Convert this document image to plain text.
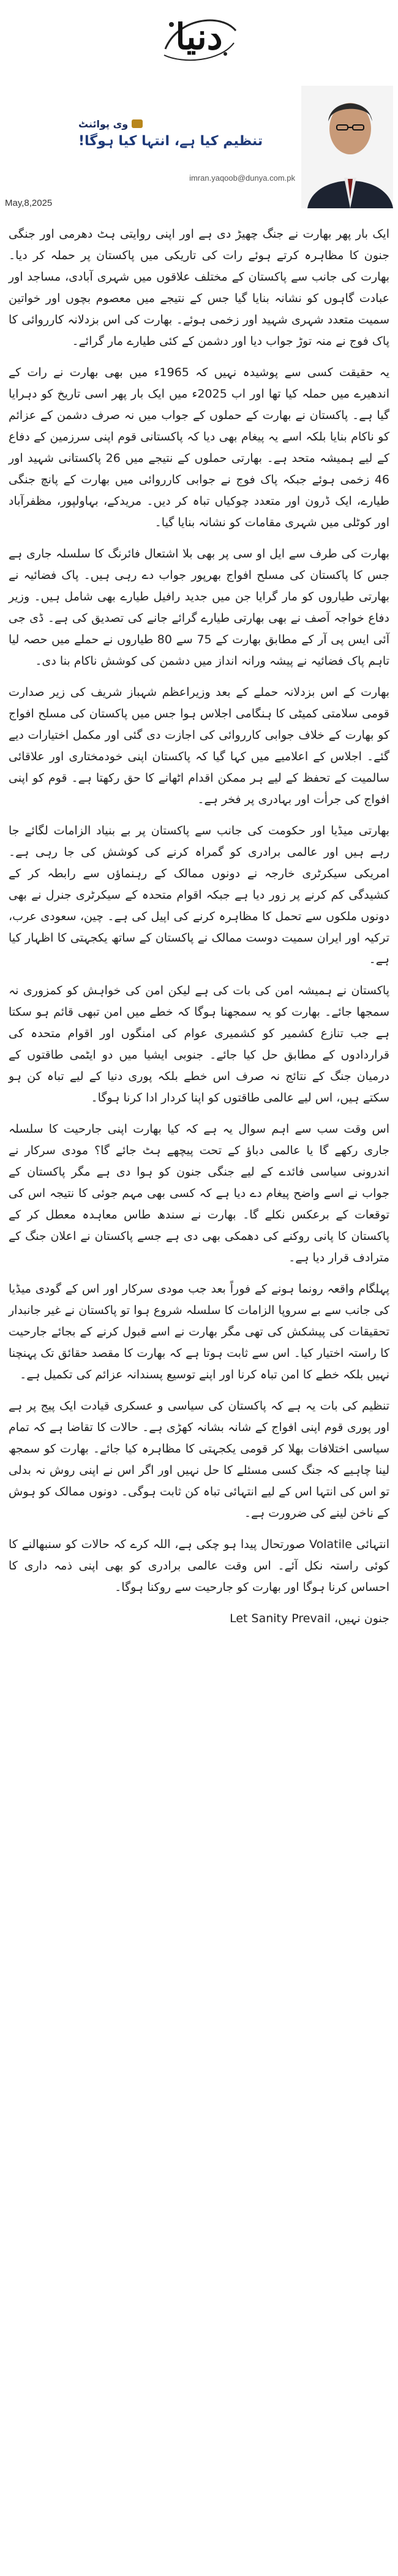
دنیا
May,8,2025
وی پوائنٹ
تنظیم کیا ہے، انتہا کیا ہوگا!
imran.yaqoob@dunya.com.pk

ایک بار پھر بھارت نے جنگ چھیڑ دی ہے اور اپنی روایتی ہٹ دھرمی اور جنگی جنون کا مظاہرہ کرتے ہوئے رات کی تاریکی میں پاکستان پر حملہ کر دیا۔ بھارت کی جانب سے پاکستان کے مختلف علاقوں میں شہری آبادی، مساجد اور عبادت گاہوں کو نشانہ بنایا گیا جس کے نتیجے میں معصوم بچوں اور خواتین سمیت متعدد شہری شہید اور زخمی ہوئے۔ بھارت کی اس بزدلانہ کارروائی کا پاک فوج نے منہ توڑ جواب دیا اور دشمن کے کئی طیارے مار گرائے۔

یہ حقیقت کسی سے پوشیدہ نہیں کہ 1965ء میں بھی بھارت نے رات کے اندھیرے میں حملہ کیا تھا اور اب 2025ء میں ایک بار پھر اسی تاریخ کو دہرایا گیا ہے۔ پاکستان نے بھارت کے حملوں کے جواب میں نہ صرف دشمن کے عزائم کو ناکام بنایا بلکہ اسے یہ پیغام بھی دیا کہ پاکستانی قوم اپنی سرزمین کے دفاع کے لیے ہمیشہ متحد ہے۔ بھارتی حملوں کے نتیجے میں 26 پاکستانی شہید اور 46 زخمی ہوئے جبکہ پاک فوج نے جوابی کارروائی میں بھارت کے پانچ جنگی طیارے، ایک ڈرون اور متعدد چوکیاں تباہ کر دیں۔ مریدکے، بہاولپور، مظفرآباد اور کوٹلی میں شہری مقامات کو نشانہ بنایا گیا۔

بھارت کی طرف سے ایل او سی پر بھی بلا اشتعال فائرنگ کا سلسلہ جاری ہے جس کا پاکستان کی مسلح افواج بھرپور جواب دے رہی ہیں۔ پاک فضائیہ نے بھارتی طیاروں کو مار گرایا جن میں جدید رافیل طیارے بھی شامل ہیں۔ وزیر دفاع خواجہ آصف نے بھی بھارتی طیارے گرائے جانے کی تصدیق کی ہے۔ ڈی جی آئی ایس پی آر کے مطابق بھارت کے 75 سے 80 طیاروں نے حملے میں حصہ لیا تاہم پاک فضائیہ نے پیشہ ورانہ انداز میں دشمن کی کوشش ناکام بنا دی۔

بھارت کے اس بزدلانہ حملے کے بعد وزیراعظم شہباز شریف کی زیر صدارت قومی سلامتی کمیٹی کا ہنگامی اجلاس ہوا جس میں پاکستان کی مسلح افواج کو بھارت کے خلاف جوابی کارروائی کی اجازت دی گئی اور مکمل اختیارات دیے گئے۔ اجلاس کے اعلامیے میں کہا گیا کہ پاکستان اپنی خودمختاری اور علاقائی سالمیت کے تحفظ کے لیے ہر ممکن اقدام اٹھانے کا حق رکھتا ہے۔ قوم کو اپنی افواج کی جرأت اور بہادری پر فخر ہے۔

بھارتی میڈیا اور حکومت کی جانب سے پاکستان پر بے بنیاد الزامات لگائے جا رہے ہیں اور عالمی برادری کو گمراہ کرنے کی کوشش کی جا رہی ہے۔ امریکی سیکرٹری خارجہ نے دونوں ممالک کے رہنماؤں سے رابطہ کر کے کشیدگی کم کرنے پر زور دیا ہے جبکہ اقوام متحدہ کے سیکرٹری جنرل نے بھی دونوں ملکوں سے تحمل کا مظاہرہ کرنے کی اپیل کی ہے۔ چین، سعودی عرب، ترکیہ اور ایران سمیت دوست ممالک نے پاکستان کے ساتھ یکجہتی کا اظہار کیا ہے۔

پاکستان نے ہمیشہ امن کی بات کی ہے لیکن امن کی خواہش کو کمزوری نہ سمجھا جائے۔ بھارت کو یہ سمجھنا ہوگا کہ خطے میں امن تبھی قائم ہو سکتا ہے جب تنازع کشمیر کو کشمیری عوام کی امنگوں اور اقوام متحدہ کی قراردادوں کے مطابق حل کیا جائے۔ جنوبی ایشیا میں دو ایٹمی طاقتوں کے درمیان جنگ کے نتائج نہ صرف اس خطے بلکہ پوری دنیا کے لیے تباہ کن ہو سکتے ہیں، اس لیے عالمی طاقتوں کو اپنا کردار ادا کرنا ہوگا۔

اس وقت سب سے اہم سوال یہ ہے کہ کیا بھارت اپنی جارحیت کا سلسلہ جاری رکھے گا یا عالمی دباؤ کے تحت پیچھے ہٹ جائے گا؟ مودی سرکار نے اندرونی سیاسی فائدے کے لیے جنگی جنون کو ہوا دی ہے مگر پاکستان کے جواب نے اسے واضح پیغام دے دیا ہے کہ کسی بھی مہم جوئی کا نتیجہ اس کی توقعات کے برعکس نکلے گا۔ بھارت نے سندھ طاس معاہدہ معطل کر کے پاکستان کا پانی روکنے کی دھمکی بھی دی ہے جسے پاکستان نے اعلان جنگ کے مترادف قرار دیا ہے۔

پہلگام واقعہ رونما ہونے کے فوراً بعد جب مودی سرکار اور اس کے گودی میڈیا کی جانب سے بے سروپا الزامات کا سلسلہ شروع ہوا تو پاکستان نے غیر جانبدار تحقیقات کی پیشکش کی تھی مگر بھارت نے اسے قبول کرنے کے بجائے جارحیت کا راستہ اختیار کیا۔ اس سے ثابت ہوتا ہے کہ بھارت کا مقصد حقائق تک پہنچنا نہیں بلکہ خطے کا امن تباہ کرنا اور اپنے توسیع پسندانہ عزائم کی تکمیل ہے۔

تنظیم کی بات یہ ہے کہ پاکستان کی سیاسی و عسکری قیادت ایک پیج پر ہے اور پوری قوم اپنی افواج کے شانہ بشانہ کھڑی ہے۔ حالات کا تقاضا ہے کہ تمام سیاسی اختلافات بھلا کر قومی یکجہتی کا مظاہرہ کیا جائے۔ بھارت کو سمجھ لینا چاہیے کہ جنگ کسی مسئلے کا حل نہیں اور اگر اس نے اپنی روش نہ بدلی تو اس کی انتہا اس کے لیے انتہائی تباہ کن ثابت ہوگی۔ دونوں ممالک کو ہوش کے ناخن لینے کی ضرورت ہے۔

انتہائی Volatile صورتحال پیدا ہو چکی ہے، اللہ کرے کہ حالات کو سنبھالنے کا کوئی راستہ نکل آئے۔ اس وقت عالمی برادری کو بھی اپنی ذمہ داری کا احساس کرنا ہوگا اور بھارت کو جارحیت سے روکنا ہوگا۔

جنون نہیں، Let Sanity Prevail
